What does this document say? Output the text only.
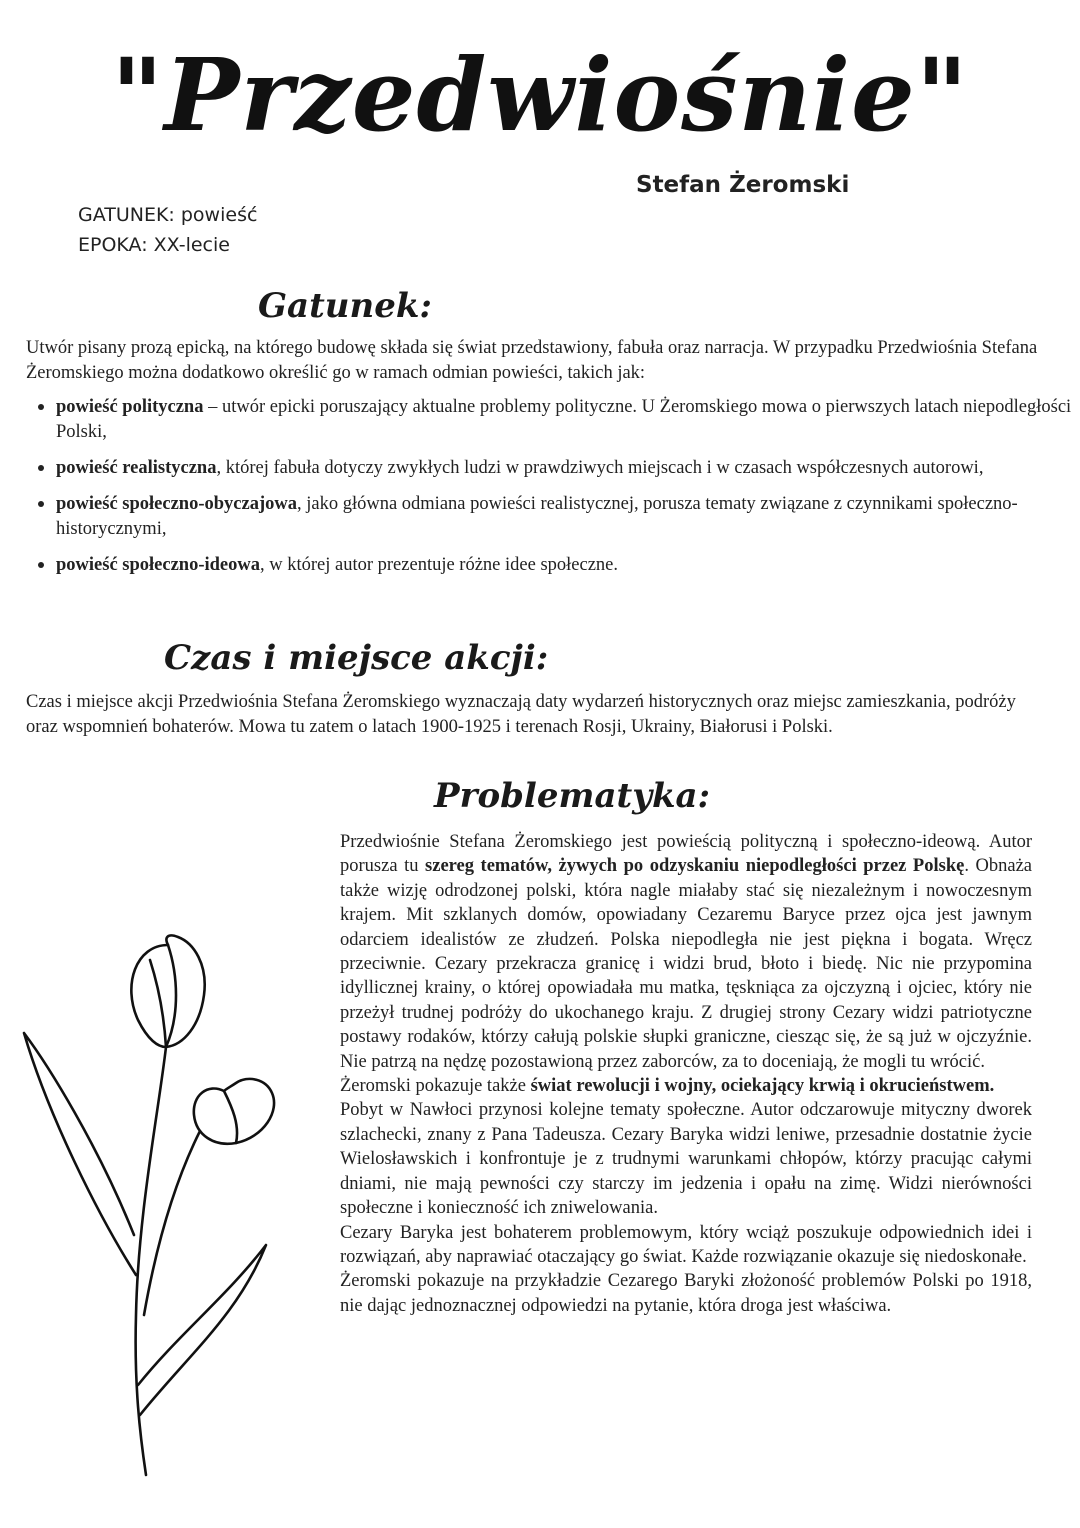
"Przedwiośnie"
Stefan Żeromski
GATUNEK: powieść
EPOKA: XX-lecie
Gatunek:
Utwór pisany prozą epicką, na którego budowę składa się świat przedstawiony, fabuła oraz narracja. W przypadku Przedwiośnia Stefana Żeromskiego można dodatkowo określić go w ramach odmian powieści, takich jak:
• powieść polityczna – utwór epicki poruszający aktualne problemy polityczne. U Żeromskiego mowa o pierwszych latach niepodległości Polski,
• powieść realistyczna, której fabuła dotyczy zwykłych ludzi w prawdziwych miejscach i w czasach współczesnych autorowi,
• powieść społeczno-obyczajowa, jako główna odmiana powieści realistycznej, porusza tematy związane z czynnikami społeczno-historycznymi,
• powieść społeczno-ideowa, w której autor prezentuje różne idee społeczne.
Czas i miejsce akcji:
Czas i miejsce akcji Przedwiośnia Stefana Żeromskiego wyznaczają daty wydarzeń historycznych oraz miejsc zamieszkania, podróży oraz wspomnień bohaterów. Mowa tu zatem o latach 1900-1925 i terenach Rosji, Ukrainy, Białorusi i Polski.
Problematyka:

Przedwiośnie Stefana Żeromskiego jest powieścią polityczną i społeczno-ideową. Autor porusza tu szereg tematów, żywych po odzyskaniu niepodległości przez Polskę. Obnaża także wizję odrodzonej polski, która nagle miałaby stać się niezależnym i nowoczesnym krajem. Mit szklanych domów, opowiadany Cezaremu Baryce przez ojca jest jawnym odarciem idealistów ze złudzeń. Polska niepodległa nie jest piękna i bogata. Wręcz przeciwnie. Cezary przekracza granicę i widzi brud, błoto i biedę. Nic nie przypomina idyllicznej krainy, o której opowiadała mu matka, tęskniąca za ojczyzną i ojciec, który nie przeżył trudnej podróży do ukochanego kraju. Z drugiej strony Cezary widzi patriotyczne postawy rodaków, którzy całują polskie słupki graniczne, ciesząc się, że są już w ojczyźnie. Nie patrzą na nędzę pozostawioną przez zaborców, za to doceniają, że mogli tu wrócić.

Żeromski pokazuje także świat rewolucji i wojny, ociekający krwią i okrucieństwem.

Pobyt w Nawłoci przynosi kolejne tematy społeczne. Autor odczarowuje mityczny dworek szlachecki, znany z Pana Tadeusza. Cezary Baryka widzi leniwe, przesadnie dostatnie życie Wielosławskich i konfrontuje je z trudnymi warunkami chłopów, którzy pracując całymi dniami, nie mają pewności czy starczy im jedzenia i opału na zimę. Widzi nierówności społeczne i konieczność ich zniwelowania.

Cezary Baryka jest bohaterem problemowym, który wciąż poszukuje odpowiednich idei i rozwiązań, aby naprawiać otaczający go świat. Każde rozwiązanie okazuje się niedoskonałe.

Żeromski pokazuje na przykładzie Cezarego Baryki złożoność problemów Polski po 1918, nie dając jednoznacznej odpowiedzi na pytanie, która droga jest właściwa.
